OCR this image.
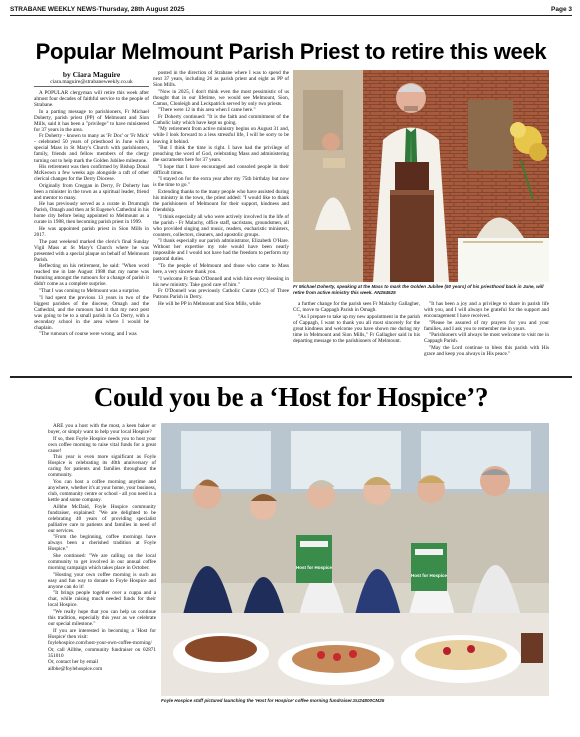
STRABANE WEEKLY NEWS-Thursday, 28th August 2025	Page 3
Popular Melmount Parish Priest to retire this week
by Ciara Maguire
ciara.maguire@strabaneweekly.co.uk

A POPULAR clergyman will retire this week after almost four decades of faithful service to the people of Strabane.

In a parting message to parishioners, Fr Michael Doherty, parish priest (PP) of Melmount and Sion Mills, said it has been a "privilege" to have ministered for 37 years in the area.

Fr Doherty - known to many as 'Fr Doc' or 'Fr Mick' - celebrated 50 years of priesthood in June with a special Mass in St Mary's Church with parishioners, family, friends and fellow members of the clergy turning out to help mark the Golden Jubilee milestone.

His retirement was then confirmed by Bishop Donal McKeown a few weeks ago alongside a raft of other clerical changes for the Derry Diocese.

Originally from Creggan in Derry, Fr Doherty has been a minister in the town as a spiritual leader, friend and mentor to many.

He has previously served as a curate in Drumragh Parish, Omagh and then at St Eugene's Cathedral in his home city before being appointed to Melmount as a curate in 1988, then becoming parish priest in 1999.

He was appointed parish priest in Sion Mills in 2017.

The past weekend marked the cleric's final Sunday Vigil Mass at St Mary's Church where he was presented with a special plaque on behalf of Melmount Parish.

Reflecting on his retirement, he said: "When word reached me in late August 1988 that my name was featuring amongst the rumours for a change of parish it didn't come as a complete surprise.

"That I was coming to Melmount was a surprise.

"I had spent the previous 13 years in two of the biggest parishes of the diocese, Omagh and the Cathedral, and the rumours had it that my next post was going to be to a small parish in Co Derry, with a secondary school in the area where I would be chaplain.

"The rumours of course were wrong, and I was

posted in the direction of Strabane where I was to spend the next 37 years, including 26 as parish priest and eight as PP of Sion Mills.

"Now in 2025, I don't think even the most pessimistic of us thought that in our lifetime, we would see Melmount, Sion, Camus, Clonleigh and Leckpatrick served by only two priests.

"There were 12 in this area when I came here."

Fr Doherty continued: "It is the faith and commitment of the Catholic laity which have kept us going.

"My retirement from active ministry begins on August 31 and, while I look forward to a less stressful life, I will be sorry to be leaving it behind.

"But I think the time is right. I have had the privilege of preaching the word of God, celebrating Mass and administering the sacraments here for 37 years.

"I hope that I have encouraged and consoled people in their difficult times.

"I stayed on for the extra year after my 75th birthday but now is the time to go."

Extending thanks to the many people who have assisted during his ministry in the town, the priest added: "I would like to thank the parishioners of Melmount for their support, kindness and friendship.

"I think especially all who were actively involved in the life of the parish - Fr Malachy, office staff, sacristans, groundsmen, all who provided singing and music, readers, eucharistic ministers, counters, collectors, cleaners, and apostolic groups.

"I thank especially our parish administrator, Elizabeth O'Hare. Without her expertise my role would have been nearly impossible and I would not have had the freedom to perform my pastoral duties.

"To the people of Melmount and those who came to Mass here, a very sincere thank you.

"I welcome Fr Sean O'Donnell and wish him every blessing in his new ministry. Take good care of him."

Fr O'Donnell was previously Catholic Curate (CC) of Three Patrons Parish in Derry.

He will be PP in Melmount and Sion Mills, while

Fr Michael Doherty, speaking at the Mass to mark the Golden Jubilee (50 years) of his priesthood back in June, will retire from active ministry this week. AN254525

a further change for the parish sees Fr Malachy Gallagher, CC, move to Cappagh Parish in Omagh.

"As I prepare to take up my new appointment in the parish of Cappagh, I want to thank you all most sincerely for the great kindness and welcome you have shown me during my time in Melmount and Sion Mills," Fr Gallagher said in his departing message to the parishioners of Melmount.

"It has been a joy and a privilege to share in parish life with you, and I will always be grateful for the support and encouragement I have received.

"Please be assured of my prayers for you and your families, and I ask you to remember me in yours.

"Parishioners will always be most welcome to visit me in Cappagh Parish.

"May the Lord continue to bless this parish with His grace and keep you always in His peace."

Could you be a ‘Host for Hospice’?

ARE you a host with the most, a keen baker or buyer, or simply want to help your local Hospice?

If so, then Foyle Hospice needs you to host your own coffee morning to raise vital funds for a great cause!

This year is even more significant as Foyle Hospice is celebrating its 40th anniversary of caring for patients and families throughout the community.

You can host a coffee morning anytime and anywhere, whether it's at your home, your business, club, community centre or school - all you need is a kettle and some company.

Ailbhe McDaid, Foyle Hospice community fundraiser, explained: "We are delighted to be celebrating 40 years of providing specialist palliative care to patients and families in need of our services.

"From the beginning, coffee mornings have always been a cherished tradition at Foyle Hospice."

She continued: "We are calling on the local community to get involved in our annual coffee morning campaign which takes place in October.

"Hosting your own coffee morning is such an easy and fun way to donate to Foyle Hospice and anyone can do it!

"It brings people together over a cuppa and a chat, while raising much needed funds for their local Hospice.

"We really hope that you can help us continue this tradition, especially this year as we celebrate our special milestone."

If you are interested in becoming a 'Host for Hospice' then visit:

foylehospice.com/host-your-own-coffee-morning/

Or, call Ailbhe, community fundraiser on 02871 351010

Or, contact her by email

ailbhe@foylehospice.com

Host for Hospice
Host for Hospice
Foyle Hospice staff pictured launching the 'Host for Hospice' coffee morning fundraiser.SU24800CM25
